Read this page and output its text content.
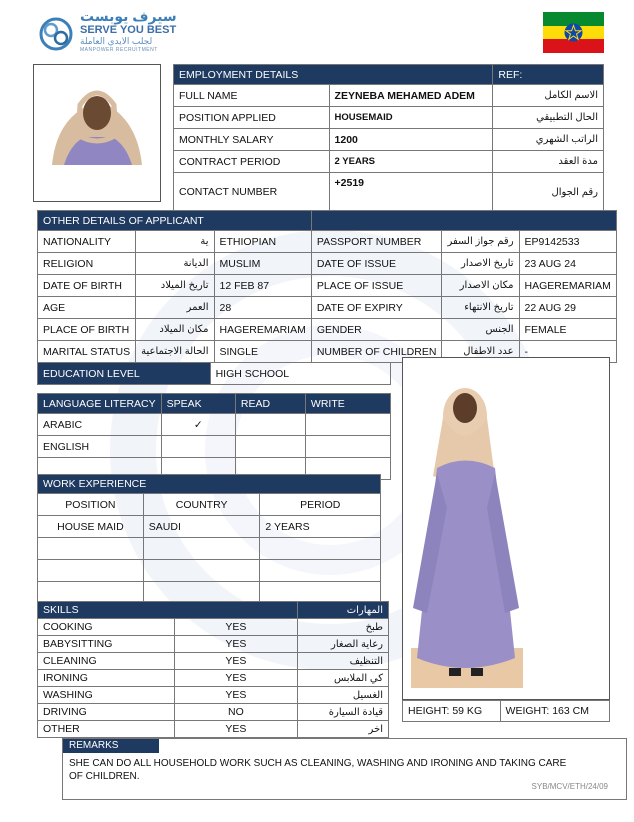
سيرف يوبست
SERVE YOU BEST
لجلب الايدي العاملة
MANPOWER RECRUITMENT
EMPLOYMENT DETAILS		REF:
FULL NAME	ZEYNEBA MEHAMED ADEM	الاسم الكامل
POSITION APPLIED	HOUSEMAID	الحال التطبيقي
MONTHLY SALARY	1200	الراتب الشهري
CONTRACT PERIOD	2 YEARS	مدة العقد
CONTACT NUMBER	+2519	رقم الجوال
OTHER DETAILS OF APPLICANT					
NATIONALITY	ية	ETHIOPIAN	PASSPORT NUMBER	رقم جواز السفر	EP9142533
RELIGION	الديانة	MUSLIM	DATE OF ISSUE	تاريخ الاصدار	23 AUG 24
DATE OF BIRTH	تاريخ الميلاد	12 FEB 87	PLACE OF ISSUE	مكان الاصدار	HAGEREMARIAM
AGE	العمر	28	DATE OF EXPIRY	تاريخ الانتهاء	22 AUG 29
PLACE OF BIRTH	مكان الميلاد	HAGEREMARIAM	GENDER	الجنس	FEMALE
MARITAL STATUS	الحالة الاجتماعية	SINGLE	NUMBER OF CHILDREN	عدد الاطفال	-
EDUCATION LEVEL	HIGH SCHOOL
LANGUAGE LITERACY	SPEAK	READ	WRITE
ARABIC	✓		
ENGLISH			

WORK EXPERIENCE		
POSITION	COUNTRY	PERIOD
HOUSE MAID	SAUDI	2 YEARS

SKILLS		المهارات
COOKING	YES	طبخ
BABYSITTING	YES	رعاية الصغار
CLEANING	YES	التنظيف
IRONING	YES	كي الملابس
WASHING	YES	الغسيل
DRIVING	NO	قيادة السيارة
OTHER	YES	اخر
HEIGHT: 59 KG	WEIGHT: 163 CM
REMARKS
SHE CAN DO ALL HOUSEHOLD WORK SUCH AS CLEANING, WASHING AND IRONING AND TAKING CARE OF CHILDREN.
SYB/MCV/ETH/24/09
